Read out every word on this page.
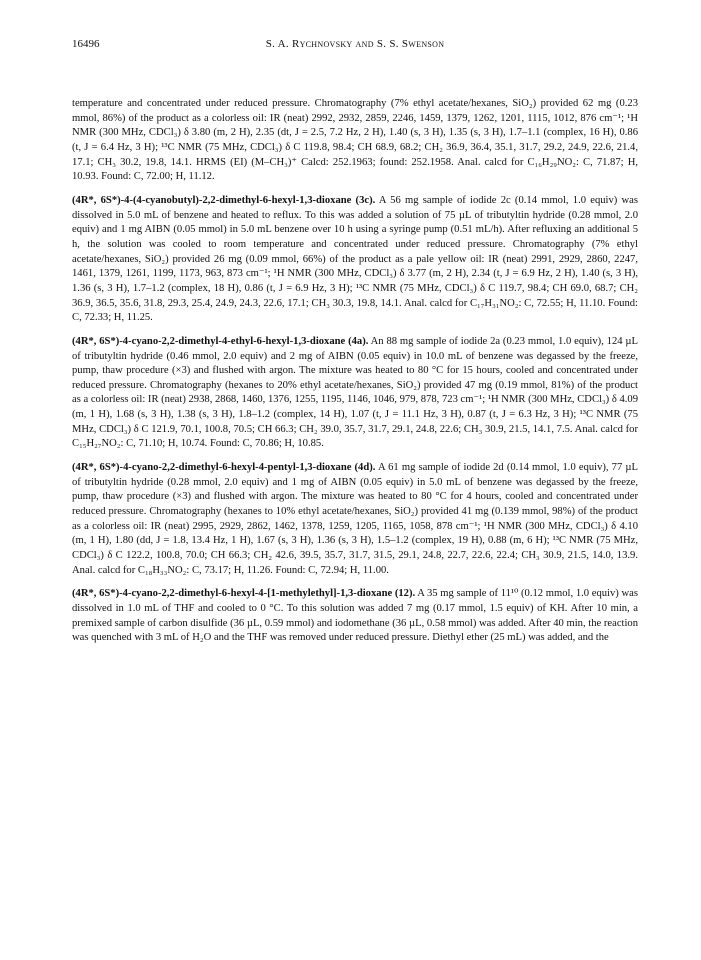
16496	S. A. Rychnovsky and S. S. Swenson

temperature and concentrated under reduced pressure. Chromatography (7% ethyl acetate/hexanes, SiO₂) provided 62 mg (0.23 mmol, 86%) of the product as a colorless oil: IR (neat) 2992, 2932, 2859, 2246, 1459, 1379, 1262, 1201, 1115, 1012, 876 cm⁻¹; ¹H NMR (300 MHz, CDCl₃) δ 3.80 (m, 2 H), 2.35 (dt, J = 2.5, 7.2 Hz, 2 H), 1.40 (s, 3 H), 1.35 (s, 3 H), 1.7–1.1 (complex, 16 H), 0.86 (t, J = 6.4 Hz, 3 H); ¹³C NMR (75 MHz, CDCl₃) δ C 119.8, 98.4; CH 68.9, 68.2; CH₂ 36.9, 36.4, 35.1, 31.7, 29.2, 24.9, 22.6, 21.4, 17.1; CH₃ 30.2, 19.8, 14.1. HRMS (EI) (M–CH₃)⁺ Calcd: 252.1963; found: 252.1958. Anal. calcd for C₁₆H₂₉NO₂: C, 71.87; H, 10.93. Found: C, 72.00; H, 11.12.

(4R*, 6S*)-4-(4-cyanobutyl)-2,2-dimethyl-6-hexyl-1,3-dioxane (3c). A 56 mg sample of iodide 2c (0.14 mmol, 1.0 equiv) was dissolved in 5.0 mL of benzene and heated to reflux. To this was added a solution of 75 µL of tributyltin hydride (0.28 mmol, 2.0 equiv) and 1 mg AIBN (0.05 mmol) in 5.0 mL benzene over 10 h using a syringe pump (0.51 mL/h). After refluxing an additional 5 h, the solution was cooled to room temperature and concentrated under reduced pressure. Chromatography (7% ethyl acetate/hexanes, SiO₂) provided 26 mg (0.09 mmol, 66%) of the product as a pale yellow oil: IR (neat) 2991, 2929, 2860, 2247, 1461, 1379, 1261, 1199, 1173, 963, 873 cm⁻¹; ¹H NMR (300 MHz, CDCl₃) δ 3.77 (m, 2 H), 2.34 (t, J = 6.9 Hz, 2 H), 1.40 (s, 3 H), 1.36 (s, 3 H), 1.7–1.2 (complex, 18 H), 0.86 (t, J = 6.9 Hz, 3 H); ¹³C NMR (75 MHz, CDCl₃) δ C 119.7, 98.4; CH 69.0, 68.7; CH₂ 36.9, 36.5, 35.6, 31.8, 29.3, 25.4, 24.9, 24.3, 22.6, 17.1; CH₃ 30.3, 19.8, 14.1. Anal. calcd for C₁₇H₃₁NO₂: C, 72.55; H, 11.10. Found: C, 72.33; H, 11.25.

(4R*, 6S*)-4-cyano-2,2-dimethyl-4-ethyl-6-hexyl-1,3-dioxane (4a). An 88 mg sample of iodide 2a (0.23 mmol, 1.0 equiv), 124 µL of tributyltin hydride (0.46 mmol, 2.0 equiv) and 2 mg of AIBN (0.05 equiv) in 10.0 mL of benzene was degassed by the freeze, pump, thaw procedure (×3) and flushed with argon. The mixture was heated to 80 °C for 15 hours, cooled and concentrated under reduced pressure. Chromatography (hexanes to 20% ethyl acetate/hexanes, SiO₂) provided 47 mg (0.19 mmol, 81%) of the product as a colorless oil: IR (neat) 2938, 2868, 1460, 1376, 1255, 1195, 1146, 1046, 979, 878, 723 cm⁻¹; ¹H NMR (300 MHz, CDCl₃) δ 4.09 (m, 1 H), 1.68 (s, 3 H), 1.38 (s, 3 H), 1.8–1.2 (complex, 14 H), 1.07 (t, J = 11.1 Hz, 3 H), 0.87 (t, J = 6.3 Hz, 3 H); ¹³C NMR (75 MHz, CDCl₃) δ C 121.9, 70.1, 100.8, 70.5; CH 66.3; CH₂ 39.0, 35.7, 31.7, 29.1, 24.8, 22.6; CH₃ 30.9, 21.5, 14.1, 7.5. Anal. calcd for C₁₅H₂₇NO₂: C, 71.10; H, 10.74. Found: C, 70.86; H, 10.85.

(4R*, 6S*)-4-cyano-2,2-dimethyl-6-hexyl-4-pentyl-1,3-dioxane (4d). A 61 mg sample of iodide 2d (0.14 mmol, 1.0 equiv), 77 µL of tributyltin hydride (0.28 mmol, 2.0 equiv) and 1 mg of AIBN (0.05 equiv) in 5.0 mL of benzene was degassed by the freeze, pump, thaw procedure (×3) and flushed with argon. The mixture was heated to 80 °C for 4 hours, cooled and concentrated under reduced pressure. Chromatography (hexanes to 10% ethyl acetate/hexanes, SiO₂) provided 41 mg (0.139 mmol, 98%) of the product as a colorless oil: IR (neat) 2995, 2929, 2862, 1462, 1378, 1259, 1205, 1165, 1058, 878 cm⁻¹; ¹H NMR (300 MHz, CDCl₃) δ 4.10 (m, 1 H), 1.80 (dd, J = 1.8, 13.4 Hz, 1 H), 1.67 (s, 3 H), 1.36 (s, 3 H), 1.5–1.2 (complex, 19 H), 0.88 (m, 6 H); ¹³C NMR (75 MHz, CDCl₃) δ C 122.2, 100.8, 70.0; CH 66.3; CH₂ 42.6, 39.5, 35.7, 31.7, 31.5, 29.1, 24.8, 22.7, 22.6, 22.4; CH₃ 30.9, 21.5, 14.0, 13.9. Anal. calcd for C₁₈H₃₃NO₂: C, 73.17; H, 11.26. Found: C, 72.94; H, 11.00.

(4R*, 6S*)-4-cyano-2,2-dimethyl-6-hexyl-4-[1-methylethyl]-1,3-dioxane (12). A 35 mg sample of 11¹⁰ (0.12 mmol, 1.0 equiv) was dissolved in 1.0 mL of THF and cooled to 0 °C. To this solution was added 7 mg (0.17 mmol, 1.5 equiv) of KH. After 10 min, a premixed sample of carbon disulfide (36 µL, 0.59 mmol) and iodomethane (36 µL, 0.58 mmol) was added. After 40 min, the reaction was quenched with 3 mL of H₂O and the THF was removed under reduced pressure. Diethyl ether (25 mL) was added, and the
